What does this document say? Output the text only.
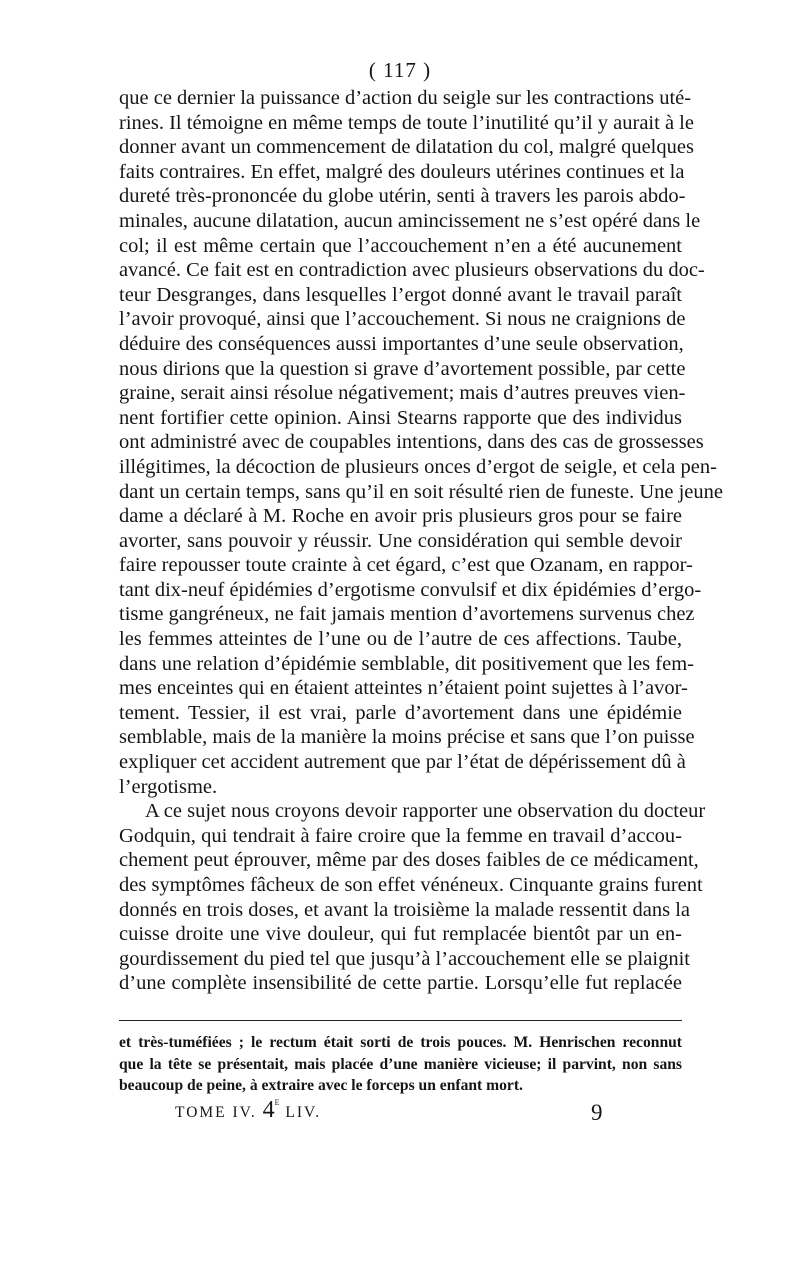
( 117 )
que ce dernier la puissance d’action du seigle sur les contractions uté-
rines. Il témoigne en même temps de toute l’inutilité qu’il y aurait à le
donner avant un commencement de dilatation du col, malgré quelques
faits contraires. En effet, malgré des douleurs utérines continues et la
dureté très-prononcée du globe utérin, senti à travers les parois abdo-
minales, aucune dilatation, aucun amincissement ne s’est opéré dans le
col; il est même certain que l’accouchement n’en a été aucunement
avancé. Ce fait est en contradiction avec plusieurs observations du doc-
teur Desgranges, dans lesquelles l’ergot donné avant le travail paraît
l’avoir provoqué, ainsi que l’accouchement. Si nous ne craignions de
déduire des conséquences aussi importantes d’une seule observation,
nous dirions que la question si grave d’avortement possible, par cette
graine, serait ainsi résolue négativement; mais d’autres preuves vien-
nent fortifier cette opinion. Ainsi Stearns rapporte que des individus
ont administré avec de coupables intentions, dans des cas de grossesses
illégitimes, la décoction de plusieurs onces d’ergot de seigle, et cela pen-
dant un certain temps, sans qu’il en soit résulté rien de funeste. Une jeune
dame a déclaré à M. Roche en avoir pris plusieurs gros pour se faire
avorter, sans pouvoir y réussir. Une considération qui semble devoir
faire repousser toute crainte à cet égard, c’est que Ozanam, en rappor-
tant dix-neuf épidémies d’ergotisme convulsif et dix épidémies d’ergo-
tisme gangréneux, ne fait jamais mention d’avortemens survenus chez
les femmes atteintes de l’une ou de l’autre de ces affections. Taube,
dans une relation d’épidémie semblable, dit positivement que les fem-
mes enceintes qui en étaient atteintes n’étaient point sujettes à l’avor-
tement. Tessier, il est vrai, parle d’avortement dans une épidémie
semblable, mais de la manière la moins précise et sans que l’on puisse
expliquer cet accident autrement que par l’état de dépérissement dû à
l’ergotisme.
A ce sujet nous croyons devoir rapporter une observation du docteur
Godquin, qui tendrait à faire croire que la femme en travail d’accou-
chement peut éprouver, même par des doses faibles de ce médicament,
des symptômes fâcheux de son effet vénéneux. Cinquante grains furent
donnés en trois doses, et avant la troisième la malade ressentit dans la
cuisse droite une vive douleur, qui fut remplacée bientôt par un en-
gourdissement du pied tel que jusqu’à l’accouchement elle se plaignit
d’une complète insensibilité de cette partie. Lorsqu’elle fut replacée
et très-tuméfiées ; le rectum était sorti de trois pouces. M. Henrischen reconnut
que la tête se présentait, mais placée d’une manière vicieuse; il parvint, non sans
beaucoup de peine, à extraire avec le forceps un enfant mort.
TOME IV. 4e LIV.	9
